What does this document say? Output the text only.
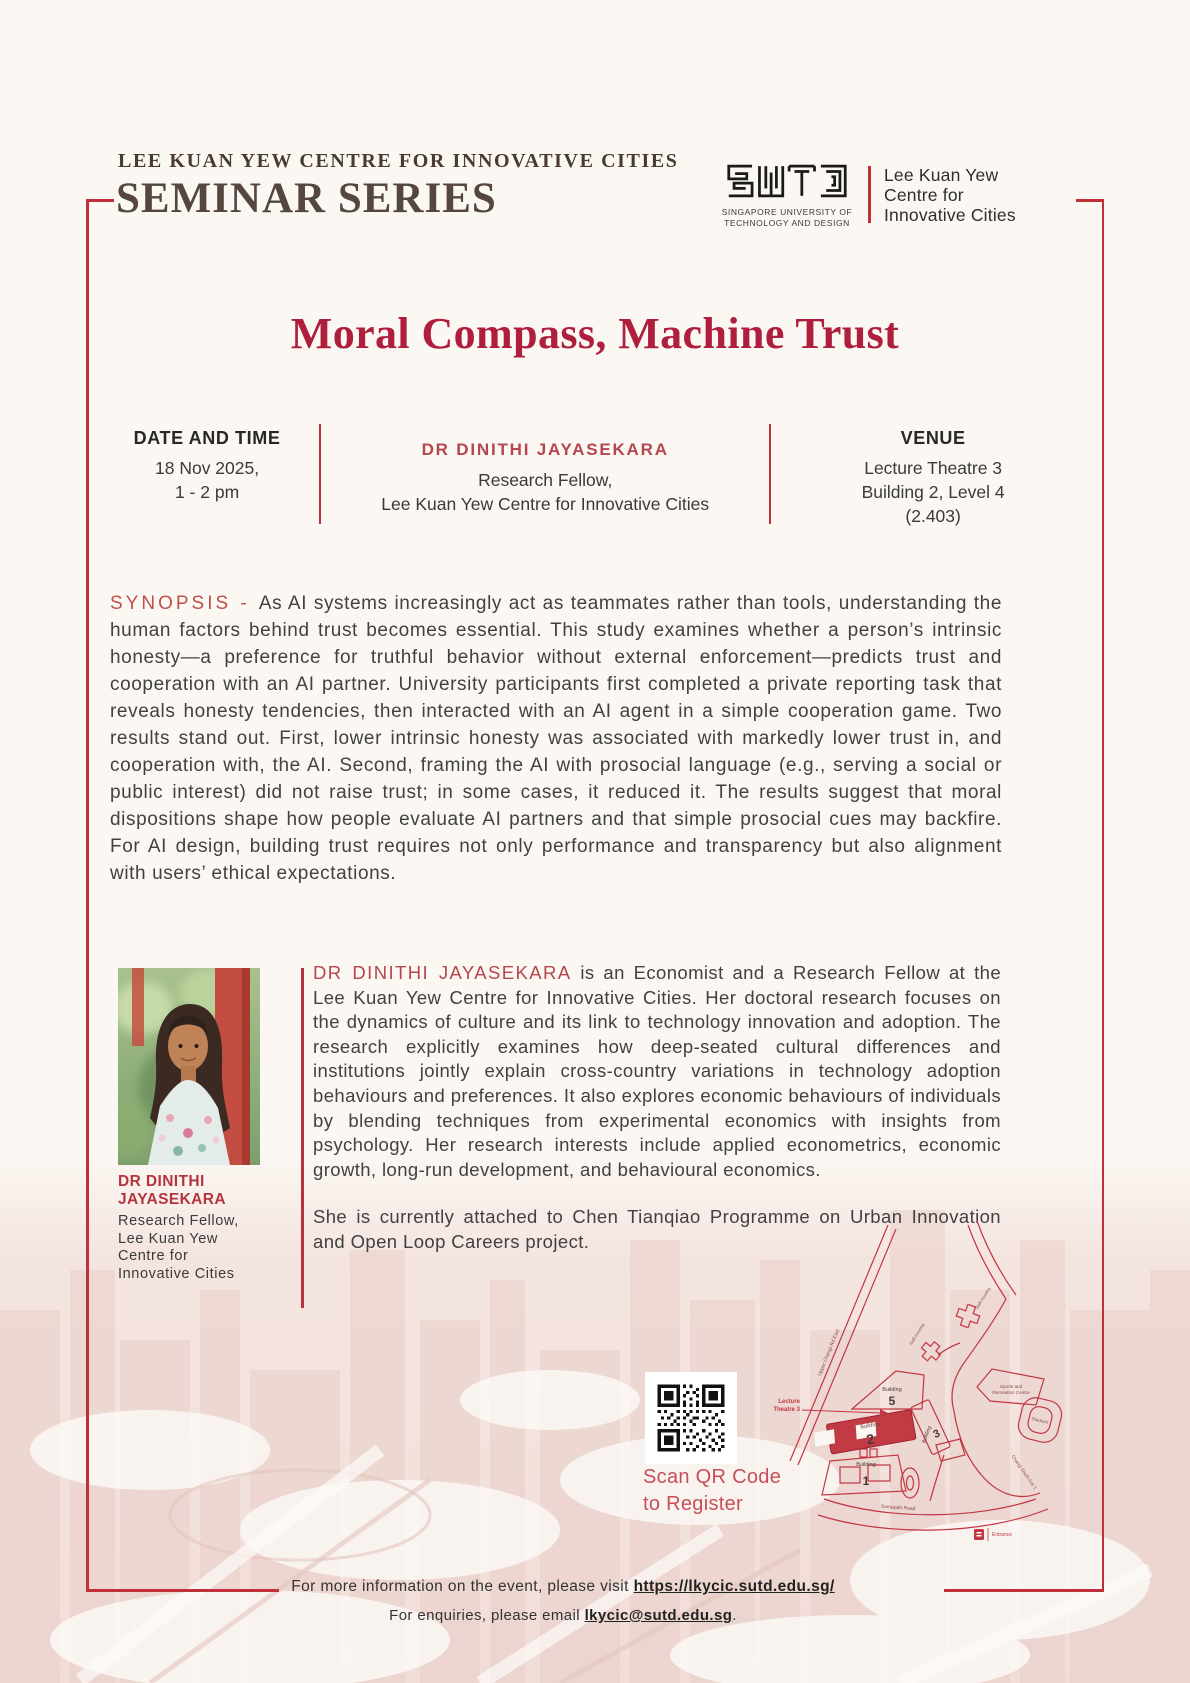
LEE KUAN YEW CENTRE FOR INNOVATIVE CITIES
SEMINAR SERIES	SINGAPORE UNIVERSITY OF
TECHNOLOGY AND DESIGN
Lee Kuan Yew
Centre for
Innovative Cities
Moral Compass, Machine Trust
DATE AND TIME
18 Nov 2025,
1 - 2 pm
DR DINITHI JAYASEKARA
Research Fellow,
Lee Kuan Yew Centre for Innovative Cities
VENUE
Lecture Theatre 3
Building 2, Level 4
(2.403)
SYNOPSIS - As AI systems increasingly act as teammates rather than tools, understanding the human factors behind trust becomes essential. This study examines whether a person’s intrinsic honesty—a preference for truthful behavior without external enforcement—predicts trust and cooperation with an AI partner. University participants first completed a private reporting task that reveals honesty tendencies, then interacted with an AI agent in a simple cooperation game. Two results stand out. First, lower intrinsic honesty was associated with markedly lower trust in, and cooperation with, the AI. Second, framing the AI with prosocial language (e.g., serving a social or public interest) did not raise trust; in some cases, it reduced it. The results suggest that moral dispositions shape how people evaluate AI partners and that simple prosocial cues may backfire. For AI design, building trust requires not only performance and transparency but also alignment with users’ ethical expectations.
DR DINITHI
JAYASEKARA
Research Fellow,
Lee Kuan Yew
Centre for
Innovative Cities

DR DINITHI JAYASEKARA is an Economist and a Research Fellow at the Lee Kuan Yew Centre for Innovative Cities. Her doctoral research focuses on the dynamics of culture and its link to technology innovation and adoption. The research explicitly examines how deep-seated cultural differences and institutions jointly explain cross-country variations in technology adoption behaviours and preferences. It also explores economic behaviours of individuals by blending techniques from experimental economics with insights from psychology. Her research interests include applied econometrics, economic growth, long-run development, and behavioural economics.

She is currently attached to Chen Tianqiao Programme on Urban Innovation and Open Loop Careers project.

Scan QR Code
to Register
Building
2
Lecture
Theatre 3
Building
5
Building
3
Building
1
Sports and
Recreation Centre
Stadium
Somapah Road
Staff Housing
Staff Housing
Upper Changi Rd East
Changi South Ave 1
Entrance
For more information on the event, please visit https://lkycic.sutd.edu.sg/
For enquiries, please email lkycic@sutd.edu.sg.
